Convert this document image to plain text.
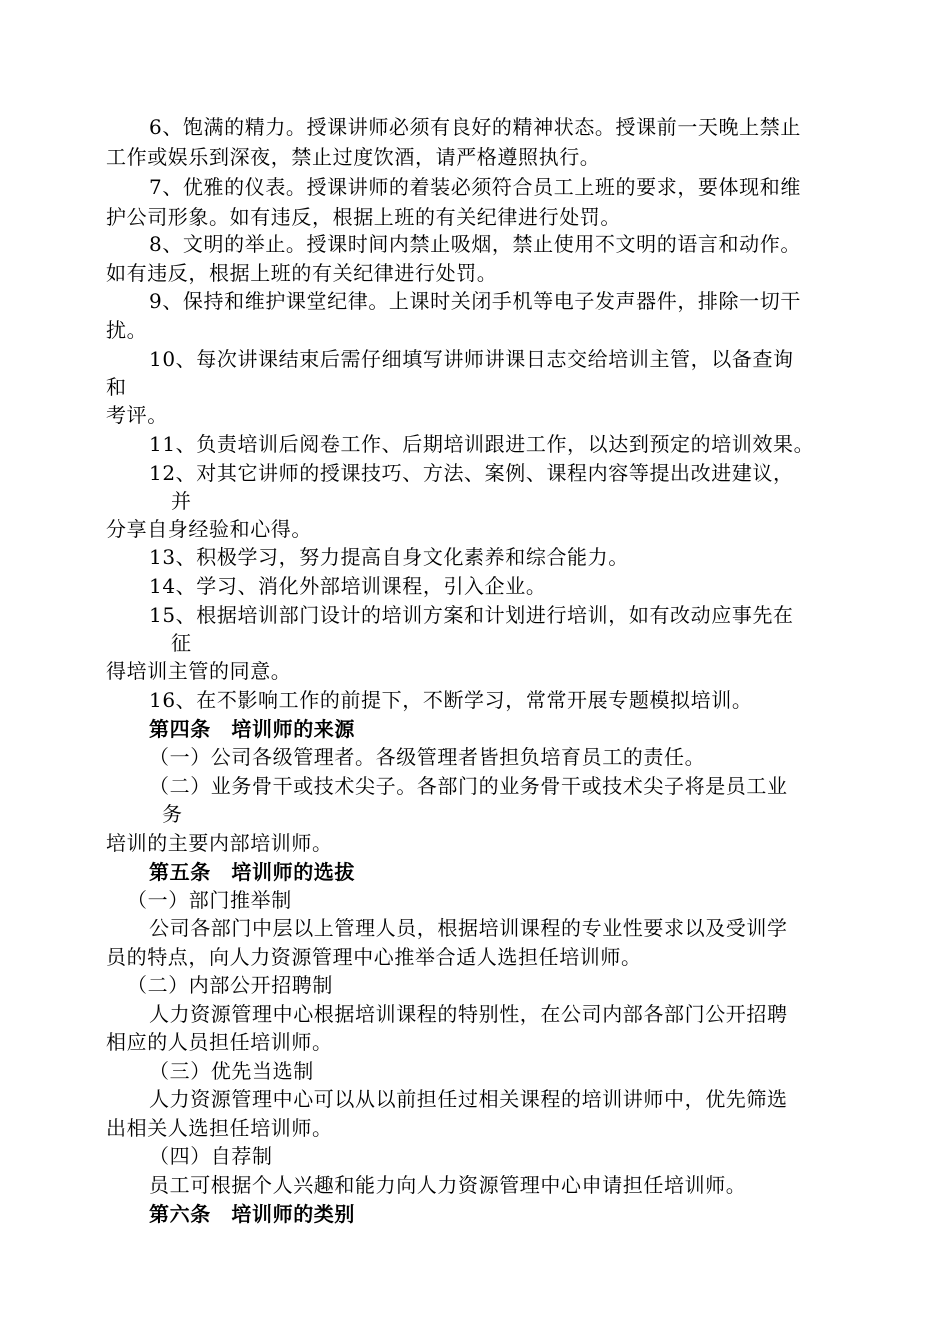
6、饱满的精力。授课讲师必须有良好的精神状态。授课前一天晚上禁止
工作或娱乐到深夜，禁止过度饮酒，请严格遵照执行。
7、优雅的仪表。授课讲师的着装必须符合员工上班的要求，要体现和维
护公司形象。如有违反，根据上班的有关纪律进行处罚。
8、文明的举止。授课时间内禁止吸烟，禁止使用不文明的语言和动作。
如有违反，根据上班的有关纪律进行处罚。
9、保持和维护课堂纪律。上课时关闭手机等电子发声器件，排除一切干
扰。
10、每次讲课结束后需仔细填写讲师讲课日志交给培训主管，以备查询
和
考评。
11、负责培训后阅卷工作、后期培训跟进工作，以达到预定的培训效果。
12、对其它讲师的授课技巧、方法、案例、课程内容等提出改进建议，
并
分享自身经验和心得。
13、积极学习，努力提高自身文化素养和综合能力。
14、学习、消化外部培训课程，引入企业。
15、根据培训部门设计的培训方案和计划进行培训，如有改动应事先在
征
得培训主管的同意。
16、在不影响工作的前提下，不断学习，常常开展专题模拟培训。
第四条　培训师的来源
（一）公司各级管理者。各级管理者皆担负培育员工的责任。
（二）业务骨干或技术尖子。各部门的业务骨干或技术尖子将是员工业
务
培训的主要内部培训师。
第五条　培训师的选拔
（一）部门推举制
公司各部门中层以上管理人员，根据培训课程的专业性要求以及受训学
员的特点，向人力资源管理中心推举合适人选担任培训师。
（二）内部公开招聘制
人力资源管理中心根据培训课程的特别性，在公司内部各部门公开招聘
相应的人员担任培训师。
（三）优先当选制
人力资源管理中心可以从以前担任过相关课程的培训讲师中，优先筛选
出相关人选担任培训师。
（四）自荐制
员工可根据个人兴趣和能力向人力资源管理中心申请担任培训师。
第六条　培训师的类别
